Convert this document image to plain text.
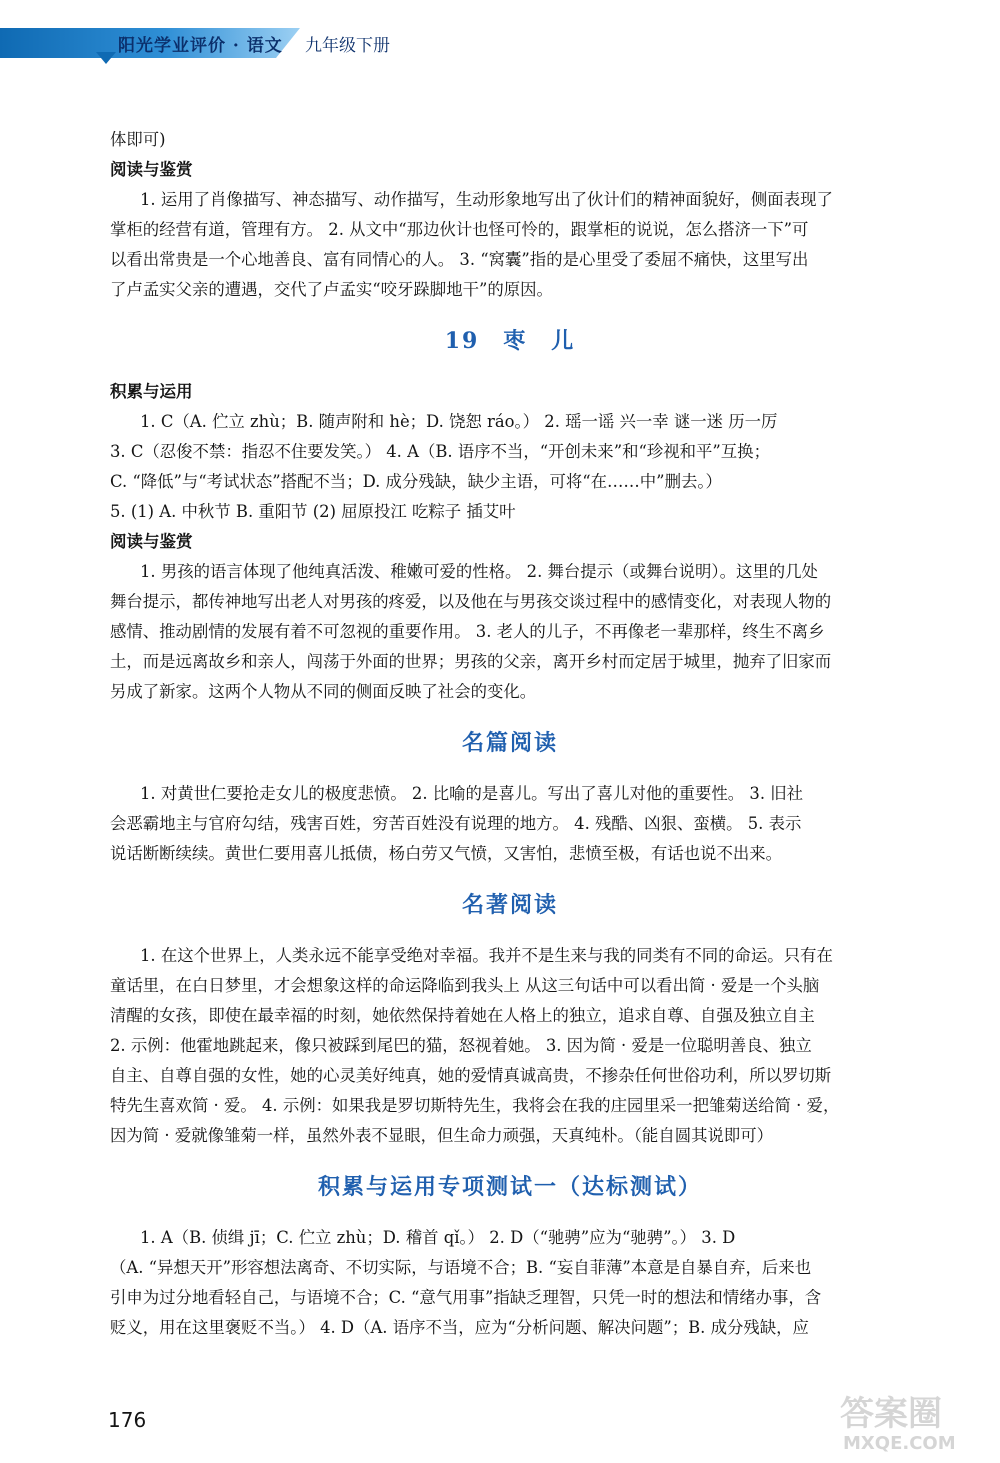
阳光学业评价 · 语文 九年级下册

体即可)

阅读与鉴赏

1. 运用了肖像描写、神态描写、动作描写，生动形象地写出了伙计们的精神面貌好，侧面表现了

掌柜的经营有道，管理有方。 2. 从文中“那边伙计也怪可怜的，跟掌柜的说说，怎么搭济一下”可

以看出常贵是一个心地善良、富有同情心的人。 3. “窝囊”指的是心里受了委屈不痛快，这里写出

了卢孟实父亲的遭遇，交代了卢孟实“咬牙跺脚地干”的原因。

19　枣　儿

积累与运用

1. C（A. 伫立 zhù；B. 随声附和 hè；D. 饶恕 ráo。） 2. 瑶一谣 兴一幸 谜一迷 历一厉

3. C（忍俊不禁：指忍不住要发笑。） 4. A（B. 语序不当，“开创未来”和“珍视和平”互换；

C. “降低”与“考试状态”搭配不当；D. 成分残缺，缺少主语，可将“在……中”删去。）

5. (1) A. 中秋节 B. 重阳节 (2) 屈原投江 吃粽子 插艾叶

阅读与鉴赏

1. 男孩的语言体现了他纯真活泼、稚嫩可爱的性格。 2. 舞台提示（或舞台说明）。这里的几处

舞台提示，都传神地写出老人对男孩的疼爱，以及他在与男孩交谈过程中的感情变化，对表现人物的

感情、推动剧情的发展有着不可忽视的重要作用。 3. 老人的儿子，不再像老一辈那样，终生不离乡

土，而是远离故乡和亲人，闯荡于外面的世界；男孩的父亲，离开乡村而定居于城里，抛弃了旧家而

另成了新家。这两个人物从不同的侧面反映了社会的变化。

名篇阅读

1. 对黄世仁要抢走女儿的极度悲愤。 2. 比喻的是喜儿。写出了喜儿对他的重要性。 3. 旧社

会恶霸地主与官府勾结，残害百姓，穷苦百姓没有说理的地方。 4. 残酷、凶狠、蛮横。 5. 表示

说话断断续续。黄世仁要用喜儿抵债，杨白劳又气愤，又害怕，悲愤至极，有话也说不出来。

名著阅读

1. 在这个世界上，人类永远不能享受绝对幸福。我并不是生来与我的同类有不同的命运。只有在

童话里，在白日梦里，才会想象这样的命运降临到我头上 从这三句话中可以看出简 · 爱是一个头脑

清醒的女孩，即使在最幸福的时刻，她依然保持着她在人格上的独立，追求自尊、自强及独立自主

2. 示例：他霍地跳起来，像只被踩到尾巴的猫，怒视着她。 3. 因为简 · 爱是一位聪明善良、独立

自主、自尊自强的女性，她的心灵美好纯真，她的爱情真诚高贵，不掺杂任何世俗功利，所以罗切斯

特先生喜欢简 · 爱。 4. 示例：如果我是罗切斯特先生，我将会在我的庄园里采一把雏菊送给简 · 爱，

因为简 · 爱就像雏菊一样，虽然外表不显眼，但生命力顽强，天真纯朴。（能自圆其说即可）

积累与运用专项测试一（达标测试）

1. A（B. 侦缉 jī；C. 伫立 zhù；D. 稽首 qǐ。） 2. D（“驰骋”应为“驰骋”。） 3. D

（A. “异想天开”形容想法离奇、不切实际，与语境不合；B. “妄自菲薄”本意是自暴自弃，后来也

引申为过分地看轻自己，与语境不合；C. “意气用事”指缺乏理智，只凭一时的想法和情绪办事，含

贬义，用在这里褒贬不当。） 4. D（A. 语序不当，应为“分析问题、解决问题”；B. 成分残缺，应

176	答案圈
MXQE.COM
